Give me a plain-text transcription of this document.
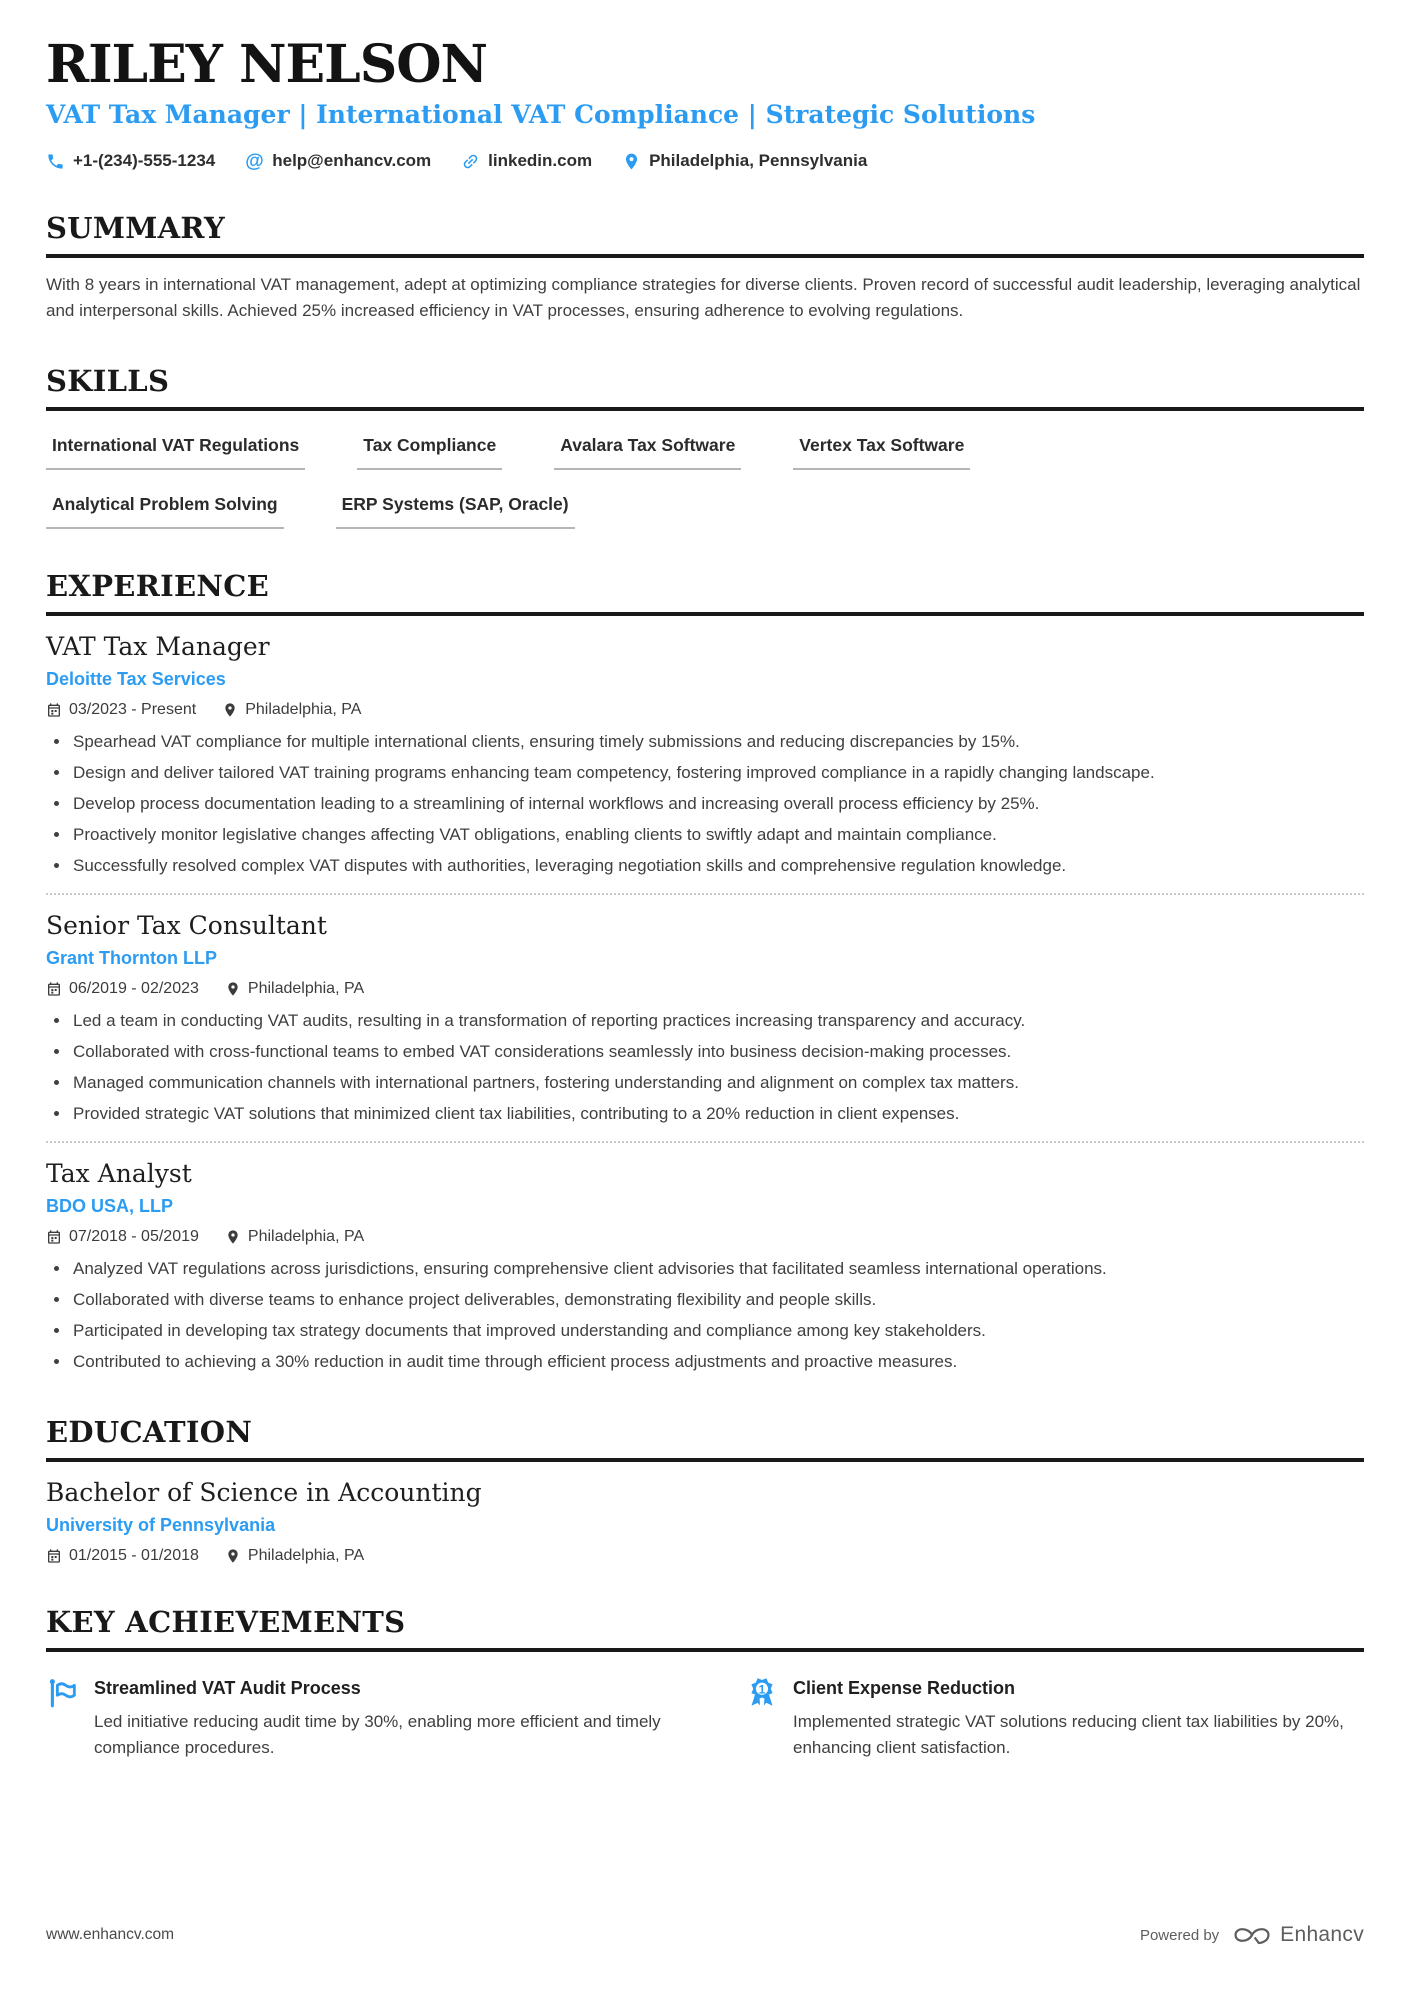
RILEY NELSON
VAT Tax Manager | International VAT Compliance | Strategic Solutions
+1-(234)-555-1234 @ help@enhancv.com	linkedin.com	Philadelphia, Pennsylvania
SUMMARY
With 8 years in international VAT management, adept at optimizing compliance strategies for diverse clients. Proven record of successful audit leadership, leveraging analytical and interpersonal skills. Achieved 25% increased efficiency in VAT processes, ensuring adherence to evolving regulations.
SKILLS
International VAT Regulations	Tax Compliance	Avalara Tax Software	Vertex Tax Software
Analytical Problem Solving	ERP Systems (SAP, Oracle)
EXPERIENCE
VAT Tax Manager
Deloitte Tax Services
03/2023 - Present	Philadelphia, PA
• Spearhead VAT compliance for multiple international clients, ensuring timely submissions and reducing discrepancies by 15%.
• Design and deliver tailored VAT training programs enhancing team competency, fostering improved compliance in a rapidly changing landscape.
• Develop process documentation leading to a streamlining of internal workflows and increasing overall process efficiency by 25%.
• Proactively monitor legislative changes affecting VAT obligations, enabling clients to swiftly adapt and maintain compliance.
• Successfully resolved complex VAT disputes with authorities, leveraging negotiation skills and comprehensive regulation knowledge.
Senior Tax Consultant
Grant Thornton LLP
06/2019 - 02/2023	Philadelphia, PA
• Led a team in conducting VAT audits, resulting in a transformation of reporting practices increasing transparency and accuracy.
• Collaborated with cross-functional teams to embed VAT considerations seamlessly into business decision-making processes.
• Managed communication channels with international partners, fostering understanding and alignment on complex tax matters.
• Provided strategic VAT solutions that minimized client tax liabilities, contributing to a 20% reduction in client expenses.
Tax Analyst
BDO USA, LLP
07/2018 - 05/2019	Philadelphia, PA
• Analyzed VAT regulations across jurisdictions, ensuring comprehensive client advisories that facilitated seamless international operations.
• Collaborated with diverse teams to enhance project deliverables, demonstrating flexibility and people skills.
• Participated in developing tax strategy documents that improved understanding and compliance among key stakeholders.
• Contributed to achieving a 30% reduction in audit time through efficient process adjustments and proactive measures.
EDUCATION
Bachelor of Science in Accounting
University of Pennsylvania
01/2015 - 01/2018	Philadelphia, PA
KEY ACHIEVEMENTS
Streamlined VAT Audit Process
Led initiative reducing audit time by 30%, enabling more efficient and timely compliance procedures.
1 Client Expense Reduction
Implemented strategic VAT solutions reducing client tax liabilities by 20%, enhancing client satisfaction.
www.enhancv.com	Powered by	Enhancv
